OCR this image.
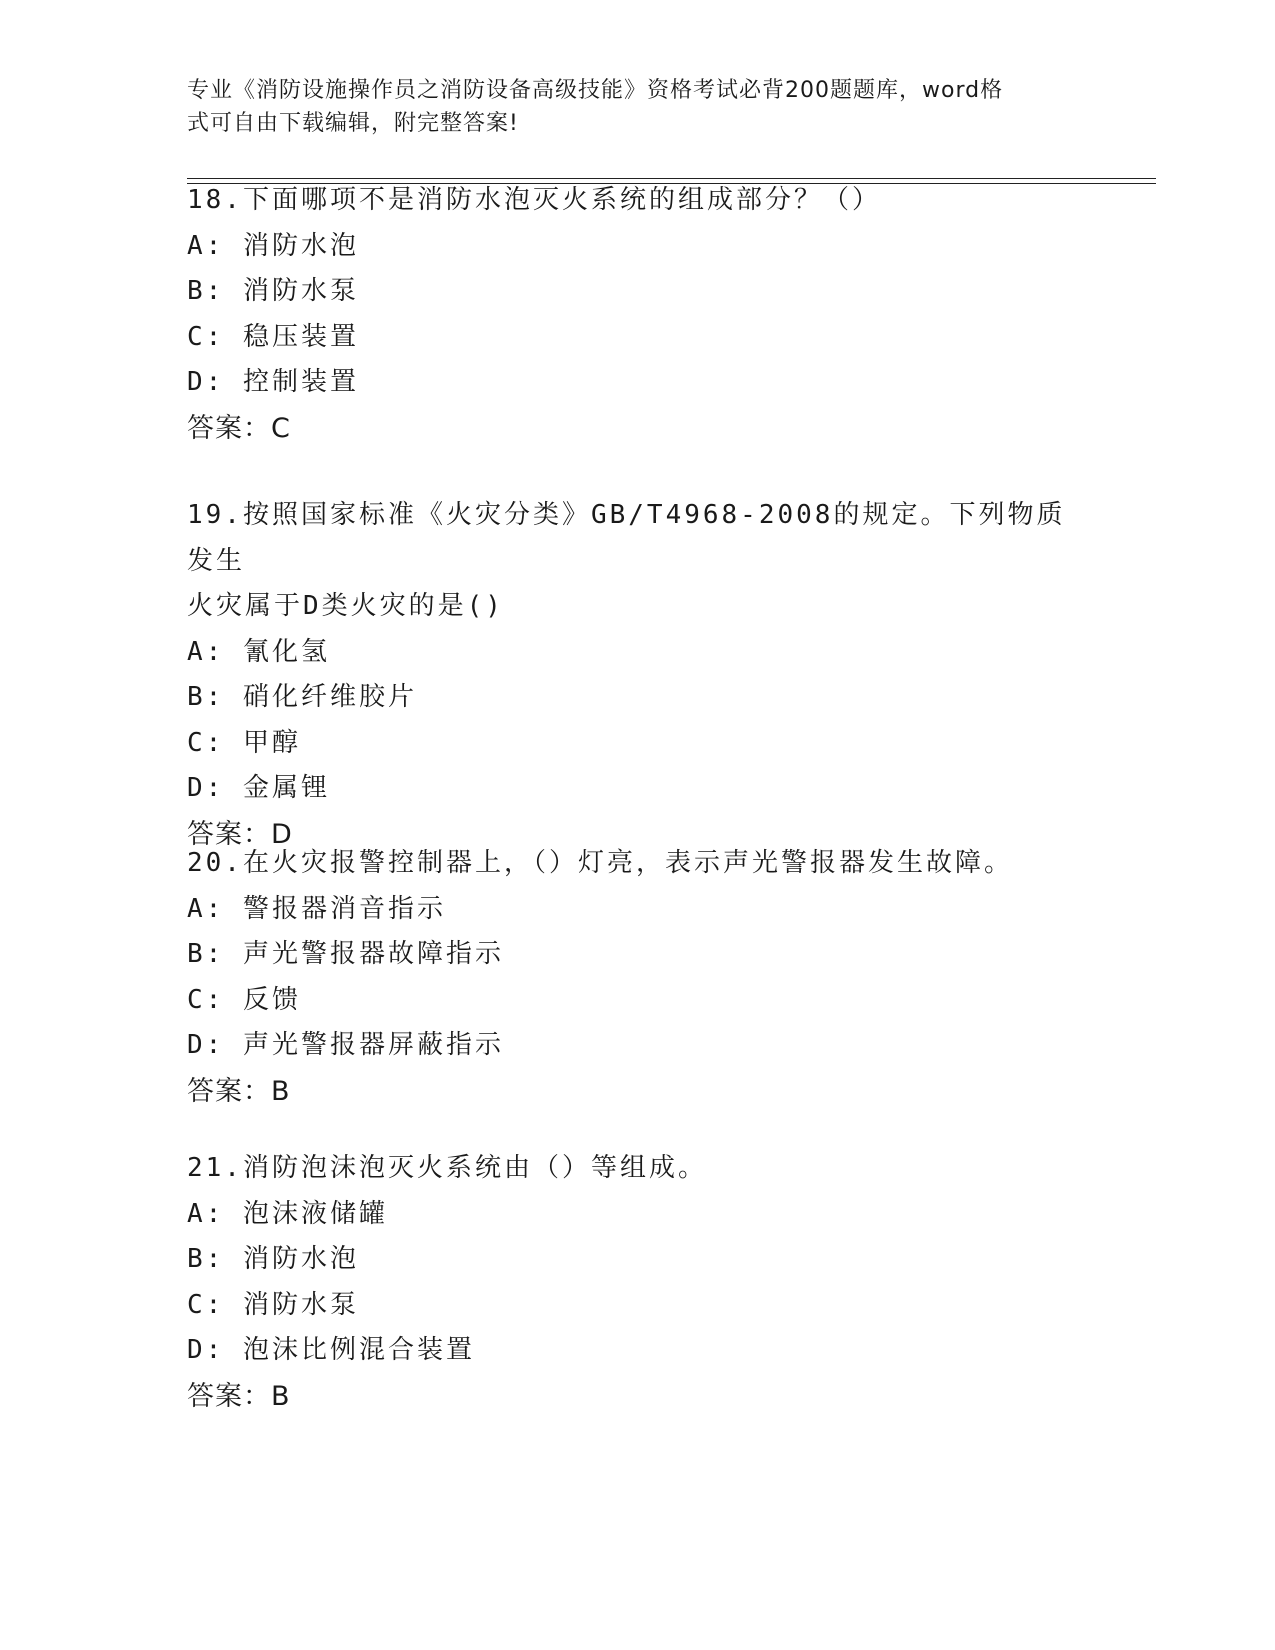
专业《消防设施操作员之消防设备高级技能》资格考试必背200题题库，word格
式可自由下载编辑，附完整答案!
18.下面哪项不是消防水泡灭火系统的组成部分？（）
A: 消防水泡
B: 消防水泵
C: 稳压装置
D: 控制装置
答案：C
19.按照国家标准《火灾分类》GB/T4968-2008的规定。下列物质发生
火灾属于D类火灾的是()
A: 氰化氢
B: 硝化纤维胶片
C: 甲醇
D: 金属锂
答案：D
20.在火灾报警控制器上，（）灯亮，表示声光警报器发生故障。
A: 警报器消音指示
B: 声光警报器故障指示
C: 反馈
D: 声光警报器屏蔽指示
答案：B
21.消防泡沫泡灭火系统由（）等组成。
A: 泡沫液储罐
B: 消防水泡
C: 消防水泵
D: 泡沫比例混合装置
答案：B
